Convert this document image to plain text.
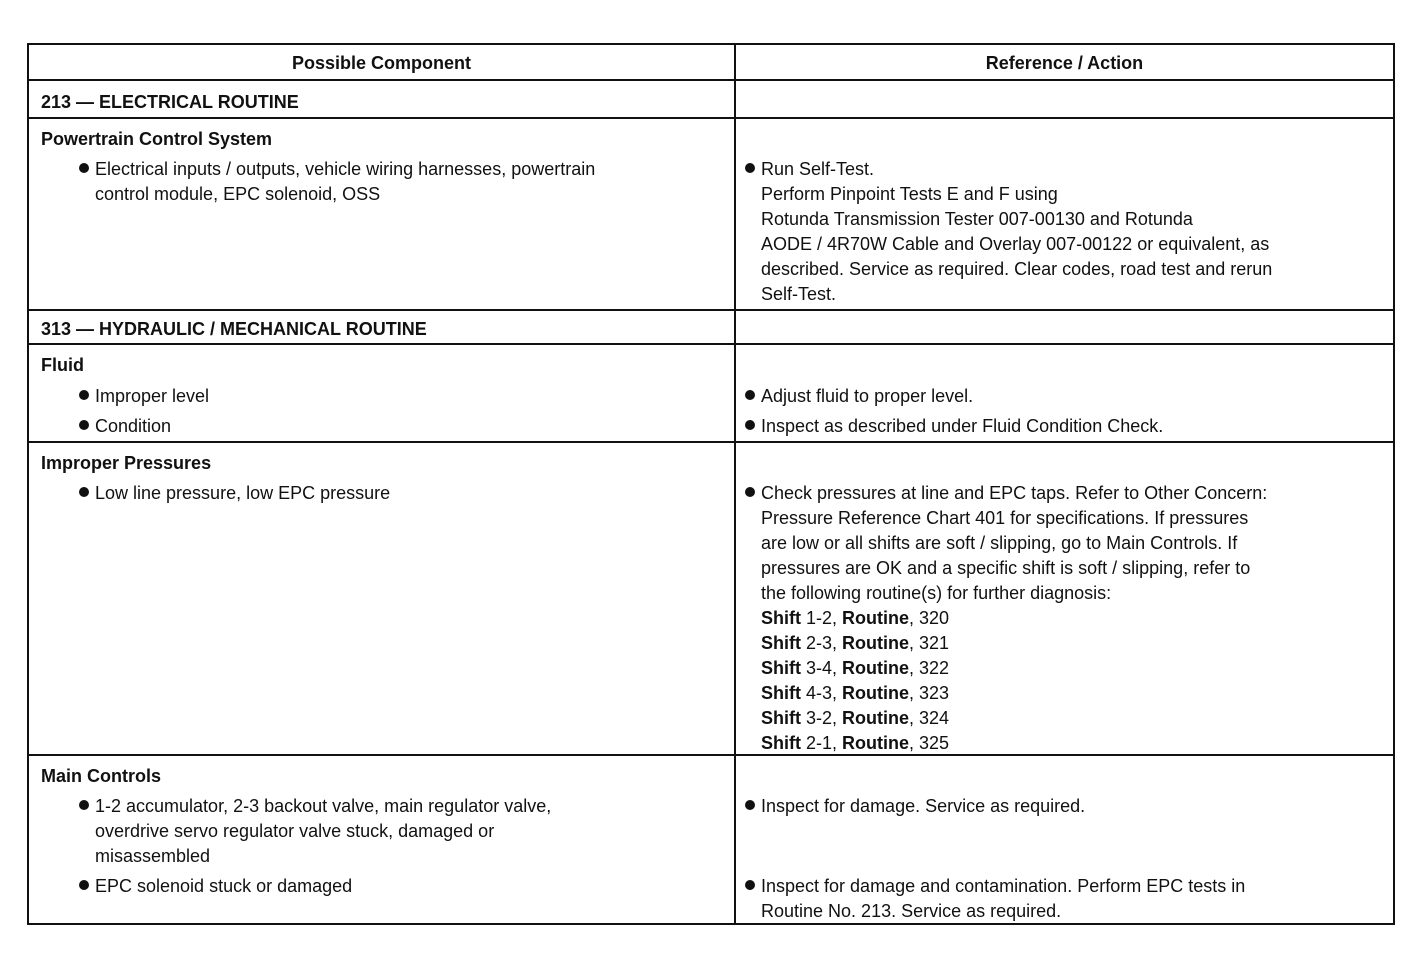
Possible Component	Reference / Action
213 — ELECTRICAL ROUTINE
Powertrain Control System
Electrical inputs / outputs, vehicle wiring harnesses, powertrain
control module, EPC solenoid, OSS
Run Self-Test.
Perform Pinpoint Tests E and F using
Rotunda Transmission Tester 007-00130 and Rotunda
AODE / 4R70W Cable and Overlay 007-00122 or equivalent, as
described. Service as required. Clear codes, road test and rerun
Self-Test.
313 — HYDRAULIC / MECHANICAL ROUTINE
Fluid
Improper level
Condition
Adjust fluid to proper level.
Inspect as described under Fluid Condition Check.
Improper Pressures
Low line pressure, low EPC pressure	Check pressures at line and EPC taps. Refer to Other Concern:
Pressure Reference Chart 401 for specifications. If pressures
are low or all shifts are soft / slipping, go to Main Controls. If
pressures are OK and a specific shift is soft / slipping, refer to
the following routine(s) for further diagnosis:
Shift 1-2, Routine, 320
Shift 2-3, Routine, 321
Shift 3-4, Routine, 322
Shift 4-3, Routine, 323
Shift 3-2, Routine, 324
Shift 2-1, Routine, 325
Main Controls
1-2 accumulator, 2-3 backout valve, main regulator valve,
overdrive servo regulator valve stuck, damaged or
misassembled
EPC solenoid stuck or damaged
Inspect for damage. Service as required.
Inspect for damage and contamination. Perform EPC tests in
Routine No. 213. Service as required.
